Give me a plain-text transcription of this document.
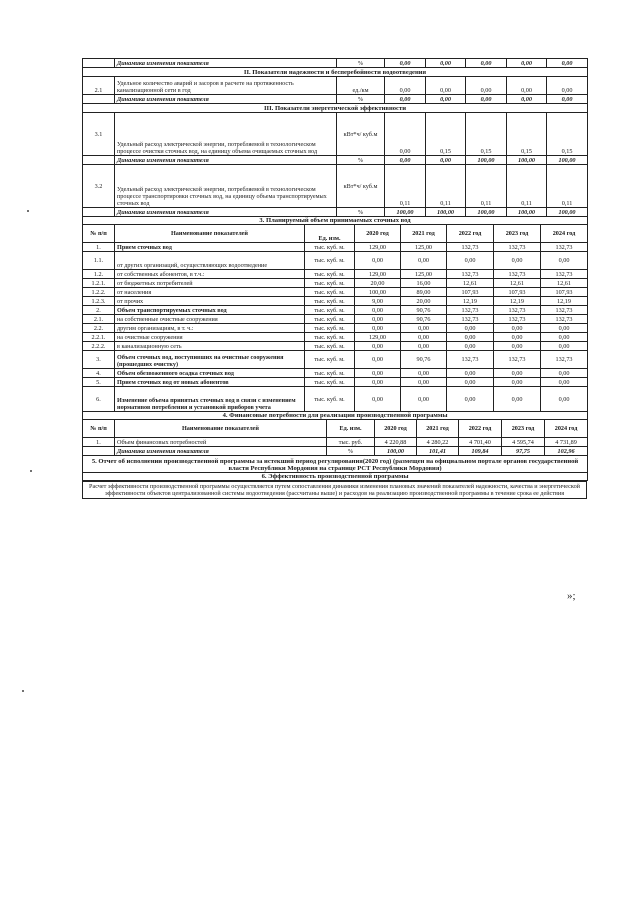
	Динамика изменения показателя	%	0,00	0,00	0,00	0,00	0,00
II. Показатели надежности и бесперебойности водоотведения							
2.1	Удельное количество аварий и засоров в расчете на протяженность канализационной сети в год	ед./км	0,00	0,00	0,00	0,00	0,00
	Динамика изменения показателя	%	0,00	0,00	0,00	0,00	0,00
III. Показатели энергетической эффективности							
3.1	Удельный расход электрической энергии, потребляемой в технологическом процессе очистки сточных вод, на единицу объема очищаемых сточных вод	кВт*ч/ куб.м	0,00	0,15	0,15	0,15	0,15
	Динамика изменения показателя	%	0,00	0,00	100,00	100,00	100,00
3.2	Удельный расход электрической энергии, потребляемой в технологическом процессе транспортировки сточных вод, на единицу объема транспортируемых сточных вод	кВт*ч/ куб.м	0,11	0,11	0,11	0,11	0,11
	Динамика изменения показателя	%	100,00	100,00	100,00	100,00	100,00
3. Планируемый объем принимаемых сточных вод							
№ п/п	Наименование показателей	Ед. изм.	2020 год	2021 год	2022 год	2023 год	2024 год
1.	Прием сточных вод	тыс. куб. м.	129,00	125,00	132,73	132,73	132,73
1.1.	от других организаций, осуществляющих водоотведение	тыс. куб. м.	0,00	0,00	0,00	0,00	0,00
1.2.	от собственных абонентов, в т.ч.:	тыс. куб. м.	129,00	125,00	132,73	132,73	132,73
1.2.1.	от бюджетных потребителей	тыс. куб. м.	20,00	16,00	12,61	12,61	12,61
1.2.2.	от населения	тыс. куб. м.	100,00	89,00	107,93	107,93	107,93
1.2.3.	от прочих	тыс. куб. м.	9,00	20,00	12,19	12,19	12,19
2.	Объем транспортируемых сточных вод	тыс. куб. м.	0,00	90,76	132,73	132,73	132,73
2.1.	на собственные очистные сооружения	тыс. куб. м.	0,00	90,76	132,73	132,73	132,73
2.2.	другим организациям, в т. ч.:	тыс. куб. м.	0,00	0,00	0,00	0,00	0,00
2.2.1.	на очистные сооружения	тыс. куб. м.	129,00	0,00	0,00	0,00	0,00
2.2.2.	в канализационную сеть	тыс. куб. м.	0,00	0,00	0,00	0,00	0,00
3.	Объем сточных вод, поступивших на очистные сооружения (прошедших очистку)	тыс. куб. м.	0,00	90,76	132,73	132,73	132,73
4.	Объем обезвоженного осадка сточных вод	тыс. куб. м.	0,00	0,00	0,00	0,00	0,00
5.	Прием сточных вод от новых абонентов	тыс. куб. м.	0,00	0,00	0,00	0,00	0,00
6.	Изменение объема принятых сточных вод в связи с изменением нормативов потребления и установкой приборов учета	тыс. куб. м.	0,00	0,00	0,00	0,00	0,00
4. Финансовые потребности для реализации производственной программы							
№ п/п	Наименование показателей	Ед. изм.	2020 год	2021 год	2022 год	2023 год	2024 год
1.	Объем финансовых потребностей	тыс. руб.	4 220,88	4 280,22	4 701,40	4 595,74	4 731,89
	Динамика изменения показателя	%	100,00	101,41	109,84	97,75	102,96
5. Отчет об исполнении производственной программы за истекший период регулирования(2020 год) (размещен на официальном портале органов государственной власти Республики Мордовия на странице РСТ Республики Мордовия)							
6. Эффективность производственной программы							
Расчет эффективности производственной программы осуществляется путем сопоставления динамики изменения плановых значений показателей надежности, качества и энергетической эффективности объектов централизованной системы водоотведения (рассчитаны выше) и расходов на реализацию производственной программы в течение срока ее действия
»;
